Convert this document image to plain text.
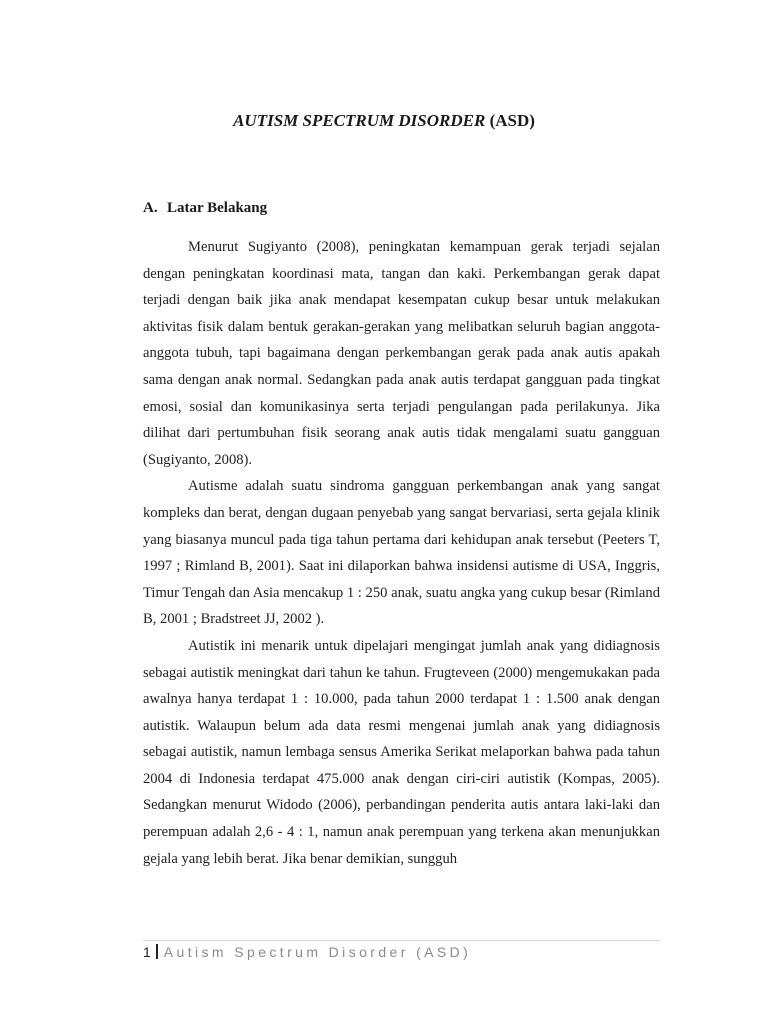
AUTISM SPECTRUM DISORDER (ASD)
A. Latar Belakang

Menurut Sugiyanto (2008), peningkatan kemampuan gerak terjadi sejalan dengan peningkatan koordinasi mata, tangan dan kaki. Perkembangan gerak dapat terjadi dengan baik jika anak mendapat kesempatan cukup besar untuk melakukan aktivitas fisik dalam bentuk gerakan-gerakan yang melibatkan seluruh bagian anggota-anggota tubuh, tapi bagaimana dengan perkembangan gerak pada anak autis apakah sama dengan anak normal. Sedangkan pada anak autis terdapat gangguan pada tingkat emosi, sosial dan komunikasinya serta terjadi pengulangan pada perilakunya. Jika dilihat dari pertumbuhan fisik seorang anak autis tidak mengalami suatu gangguan (Sugiyanto, 2008).

Autisme adalah suatu sindroma gangguan perkembangan anak yang sangat kompleks dan berat, dengan dugaan penyebab yang sangat bervariasi, serta gejala klinik yang biasanya muncul pada tiga tahun pertama dari kehidupan anak tersebut (Peeters T, 1997 ; Rimland B, 2001). Saat ini dilaporkan bahwa insidensi autisme di USA, Inggris, Timur Tengah dan Asia mencakup 1 : 250 anak, suatu angka yang cukup besar (Rimland B, 2001 ; Bradstreet JJ, 2002 ).

Autistik ini menarik untuk dipelajari mengingat jumlah anak yang didiagnosis sebagai autistik meningkat dari tahun ke tahun. Frugteveen (2000) mengemukakan pada awalnya hanya terdapat 1 : 10.000, pada tahun 2000 terdapat 1 : 1.500 anak dengan autistik. Walaupun belum ada data resmi mengenai jumlah anak yang didiagnosis sebagai autistik, namun lembaga sensus Amerika Serikat melaporkan bahwa pada tahun 2004 di Indonesia terdapat 475.000 anak dengan ciri-ciri autistik (Kompas, 2005). Sedangkan menurut Widodo (2006), perbandingan penderita autis antara laki-laki dan perempuan adalah 2,6 - 4 : 1, namun anak perempuan yang terkena akan menunjukkan gejala yang lebih berat. Jika benar demikian, sungguh

1 Autism Spectrum Disorder (ASD)
